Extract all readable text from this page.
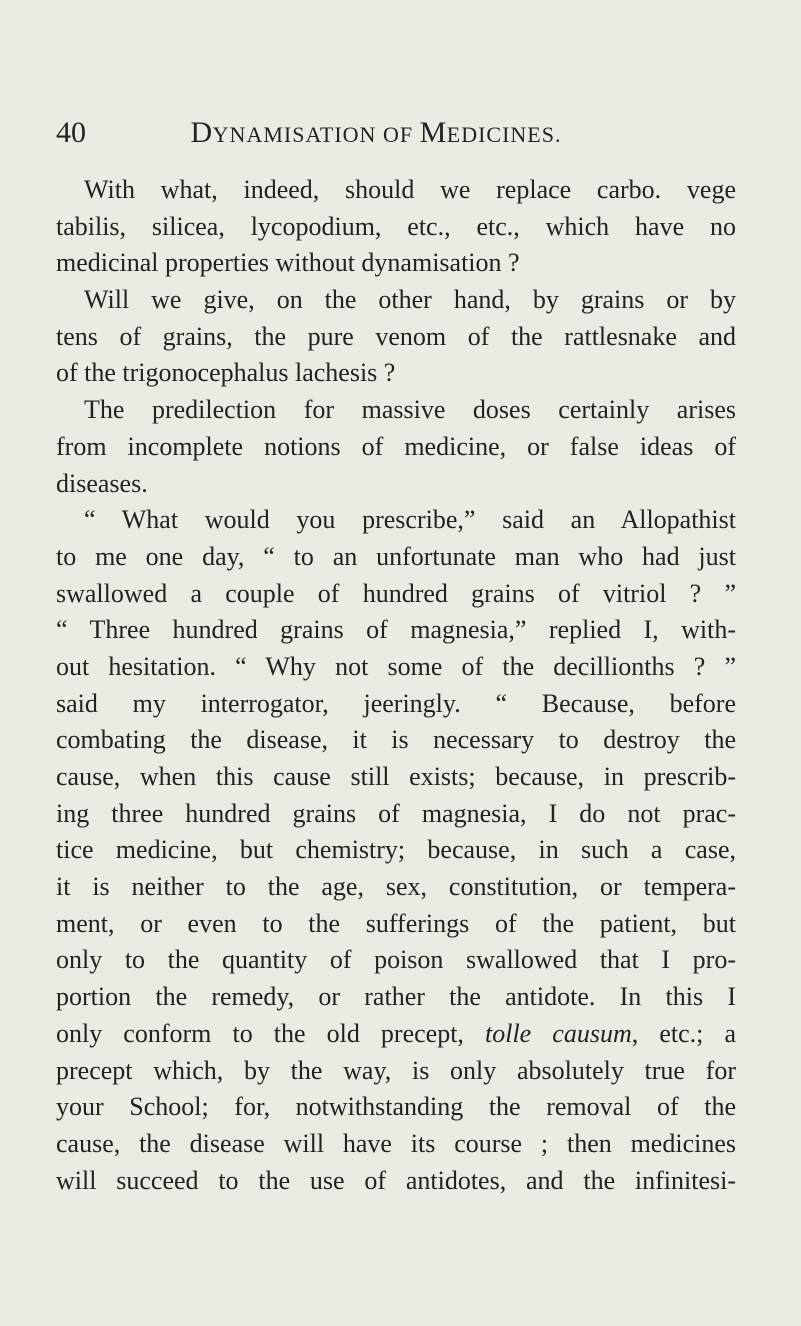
40	DYNAMISATION OF MEDICINES.
With what, indeed, should we replace carbo. vege
tabilis, silicea, lycopodium, etc., etc., which have no
medicinal properties without dynamisation ?
Will we give, on the other hand, by grains or by
tens of grains, the pure venom of the rattlesnake and
of the trigonocephalus lachesis ?
The predilection for massive doses certainly arises
from incomplete notions of medicine, or false ideas of
diseases.
“ What would you prescribe,” said an Allopathist
to me one day, “ to an unfortunate man who had just
swallowed a couple of hundred grains of vitriol ? ”
“ Three hundred grains of magnesia,” replied I, with-
out hesitation. “ Why not some of the decillionths ? ”
said my interrogator, jeeringly. “ Because, before
combating the disease, it is necessary to destroy the
cause, when this cause still exists; because, in prescrib-
ing three hundred grains of magnesia, I do not prac-
tice medicine, but chemistry; because, in such a case,
it is neither to the age, sex, constitution, or tempera-
ment, or even to the sufferings of the patient, but
only to the quantity of poison swallowed that I pro-
portion the remedy, or rather the antidote. In this I
only conform to the old precept, tolle causum, etc.; a
precept which, by the way, is only absolutely true for
your School; for, notwithstanding the removal of the
cause, the disease will have its course ; then medicines
will succeed to the use of antidotes, and the infinitesi-
